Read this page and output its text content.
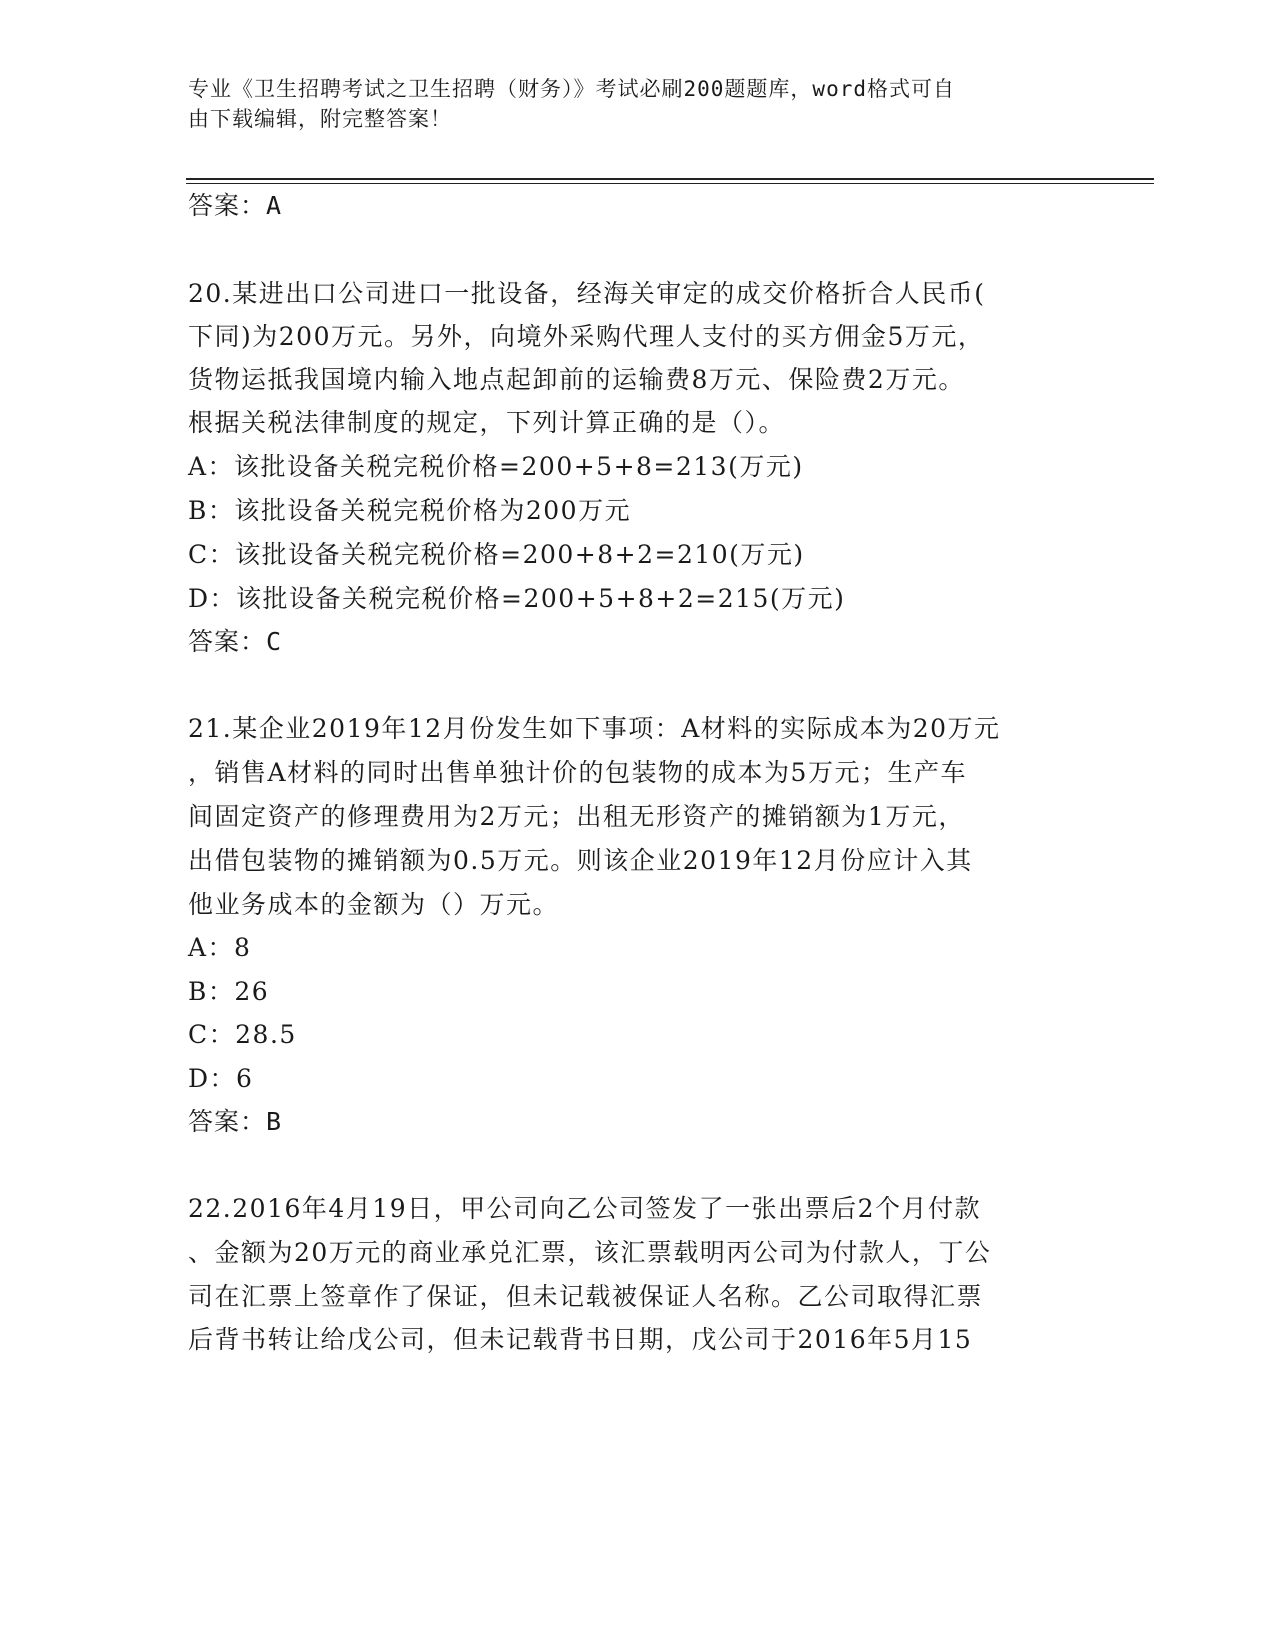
专业《卫生招聘考试之卫生招聘（财务）》考试必刷200题题库，word格式可自
由下载编辑，附完整答案！
答案：A
20.某进出口公司进口一批设备，经海关审定的成交价格折合人民币(
下同)为200万元。另外，向境外采购代理人支付的买方佣金5万元，
货物运抵我国境内输入地点起卸前的运输费8万元、保险费2万元。
根据关税法律制度的规定，下列计算正确的是（）。
A：该批设备关税完税价格=200+5+8=213(万元)
B：该批设备关税完税价格为200万元
C：该批设备关税完税价格=200+8+2=210(万元)
D：该批设备关税完税价格=200+5+8+2=215(万元)
答案：C
21.某企业2019年12月份发生如下事项：A材料的实际成本为20万元
，销售A材料的同时出售单独计价的包装物的成本为5万元；生产车
间固定资产的修理费用为2万元；出租无形资产的摊销额为1万元，
出借包装物的摊销额为0.5万元。则该企业2019年12月份应计入其
他业务成本的金额为（）万元。
A：8
B：26
C：28.5
D：6
答案：B
22.2016年4月19日，甲公司向乙公司签发了一张出票后2个月付款
、金额为20万元的商业承兑汇票，该汇票载明丙公司为付款人，丁公
司在汇票上签章作了保证，但未记载被保证人名称。乙公司取得汇票
后背书转让给戊公司，但未记载背书日期，戊公司于2016年5月15
